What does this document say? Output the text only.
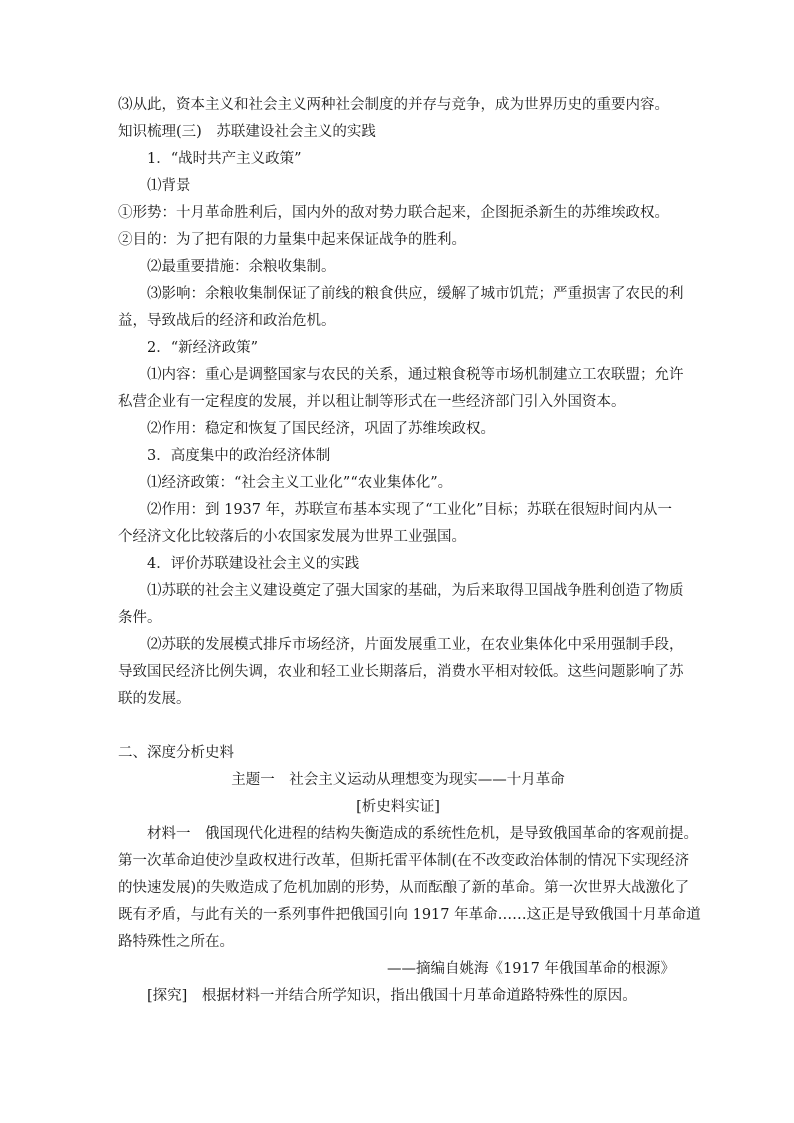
⑶从此，资本主义和社会主义两种社会制度的并存与竞争，成为世界历史的重要内容。
知识梳理(三)　苏联建设社会主义的实践
1．“战时共产主义政策”
⑴背景
①形势：十月革命胜利后，国内外的敌对势力联合起来，企图扼杀新生的苏维埃政权。
②目的：为了把有限的力量集中起来保证战争的胜利。
⑵最重要措施：余粮收集制。
⑶影响：余粮收集制保证了前线的粮食供应，缓解了城市饥荒；严重损害了农民的利
益，导致战后的经济和政治危机。
2．“新经济政策”
⑴内容：重心是调整国家与农民的关系，通过粮食税等市场机制建立工农联盟；允许
私营企业有一定程度的发展，并以租让制等形式在一些经济部门引入外国资本。
⑵作用：稳定和恢复了国民经济，巩固了苏维埃政权。
3．高度集中的政治经济体制
⑴经济政策：“社会主义工业化”“农业集体化”。
⑵作用：到 1937 年，苏联宣布基本实现了“工业化”目标；苏联在很短时间内从一
个经济文化比较落后的小农国家发展为世界工业强国。
4．评价苏联建设社会主义的实践
⑴苏联的社会主义建设奠定了强大国家的基础，为后来取得卫国战争胜利创造了物质
条件。
⑵苏联的发展模式排斥市场经济，片面发展重工业，在农业集体化中采用强制手段，
导致国民经济比例失调，农业和轻工业长期落后，消费水平相对较低。这些问题影响了苏
联的发展。
二、深度分析史料
主题一　社会主义运动从理想变为现实——十月革命
[析史料实证]
材料一　俄国现代化进程的结构失衡造成的系统性危机，是导致俄国革命的客观前提。
第一次革命迫使沙皇政权进行改革，但斯托雷平体制(在不改变政治体制的情况下实现经济
的快速发展)的失败造成了危机加剧的形势，从而酝酿了新的革命。第一次世界大战激化了
既有矛盾，与此有关的一系列事件把俄国引向 1917 年革命……这正是导致俄国十月革命道
路特殊性之所在。
——摘编自姚海《1917 年俄国革命的根源》
[探究]　根据材料一并结合所学知识，指出俄国十月革命道路特殊性的原因。
